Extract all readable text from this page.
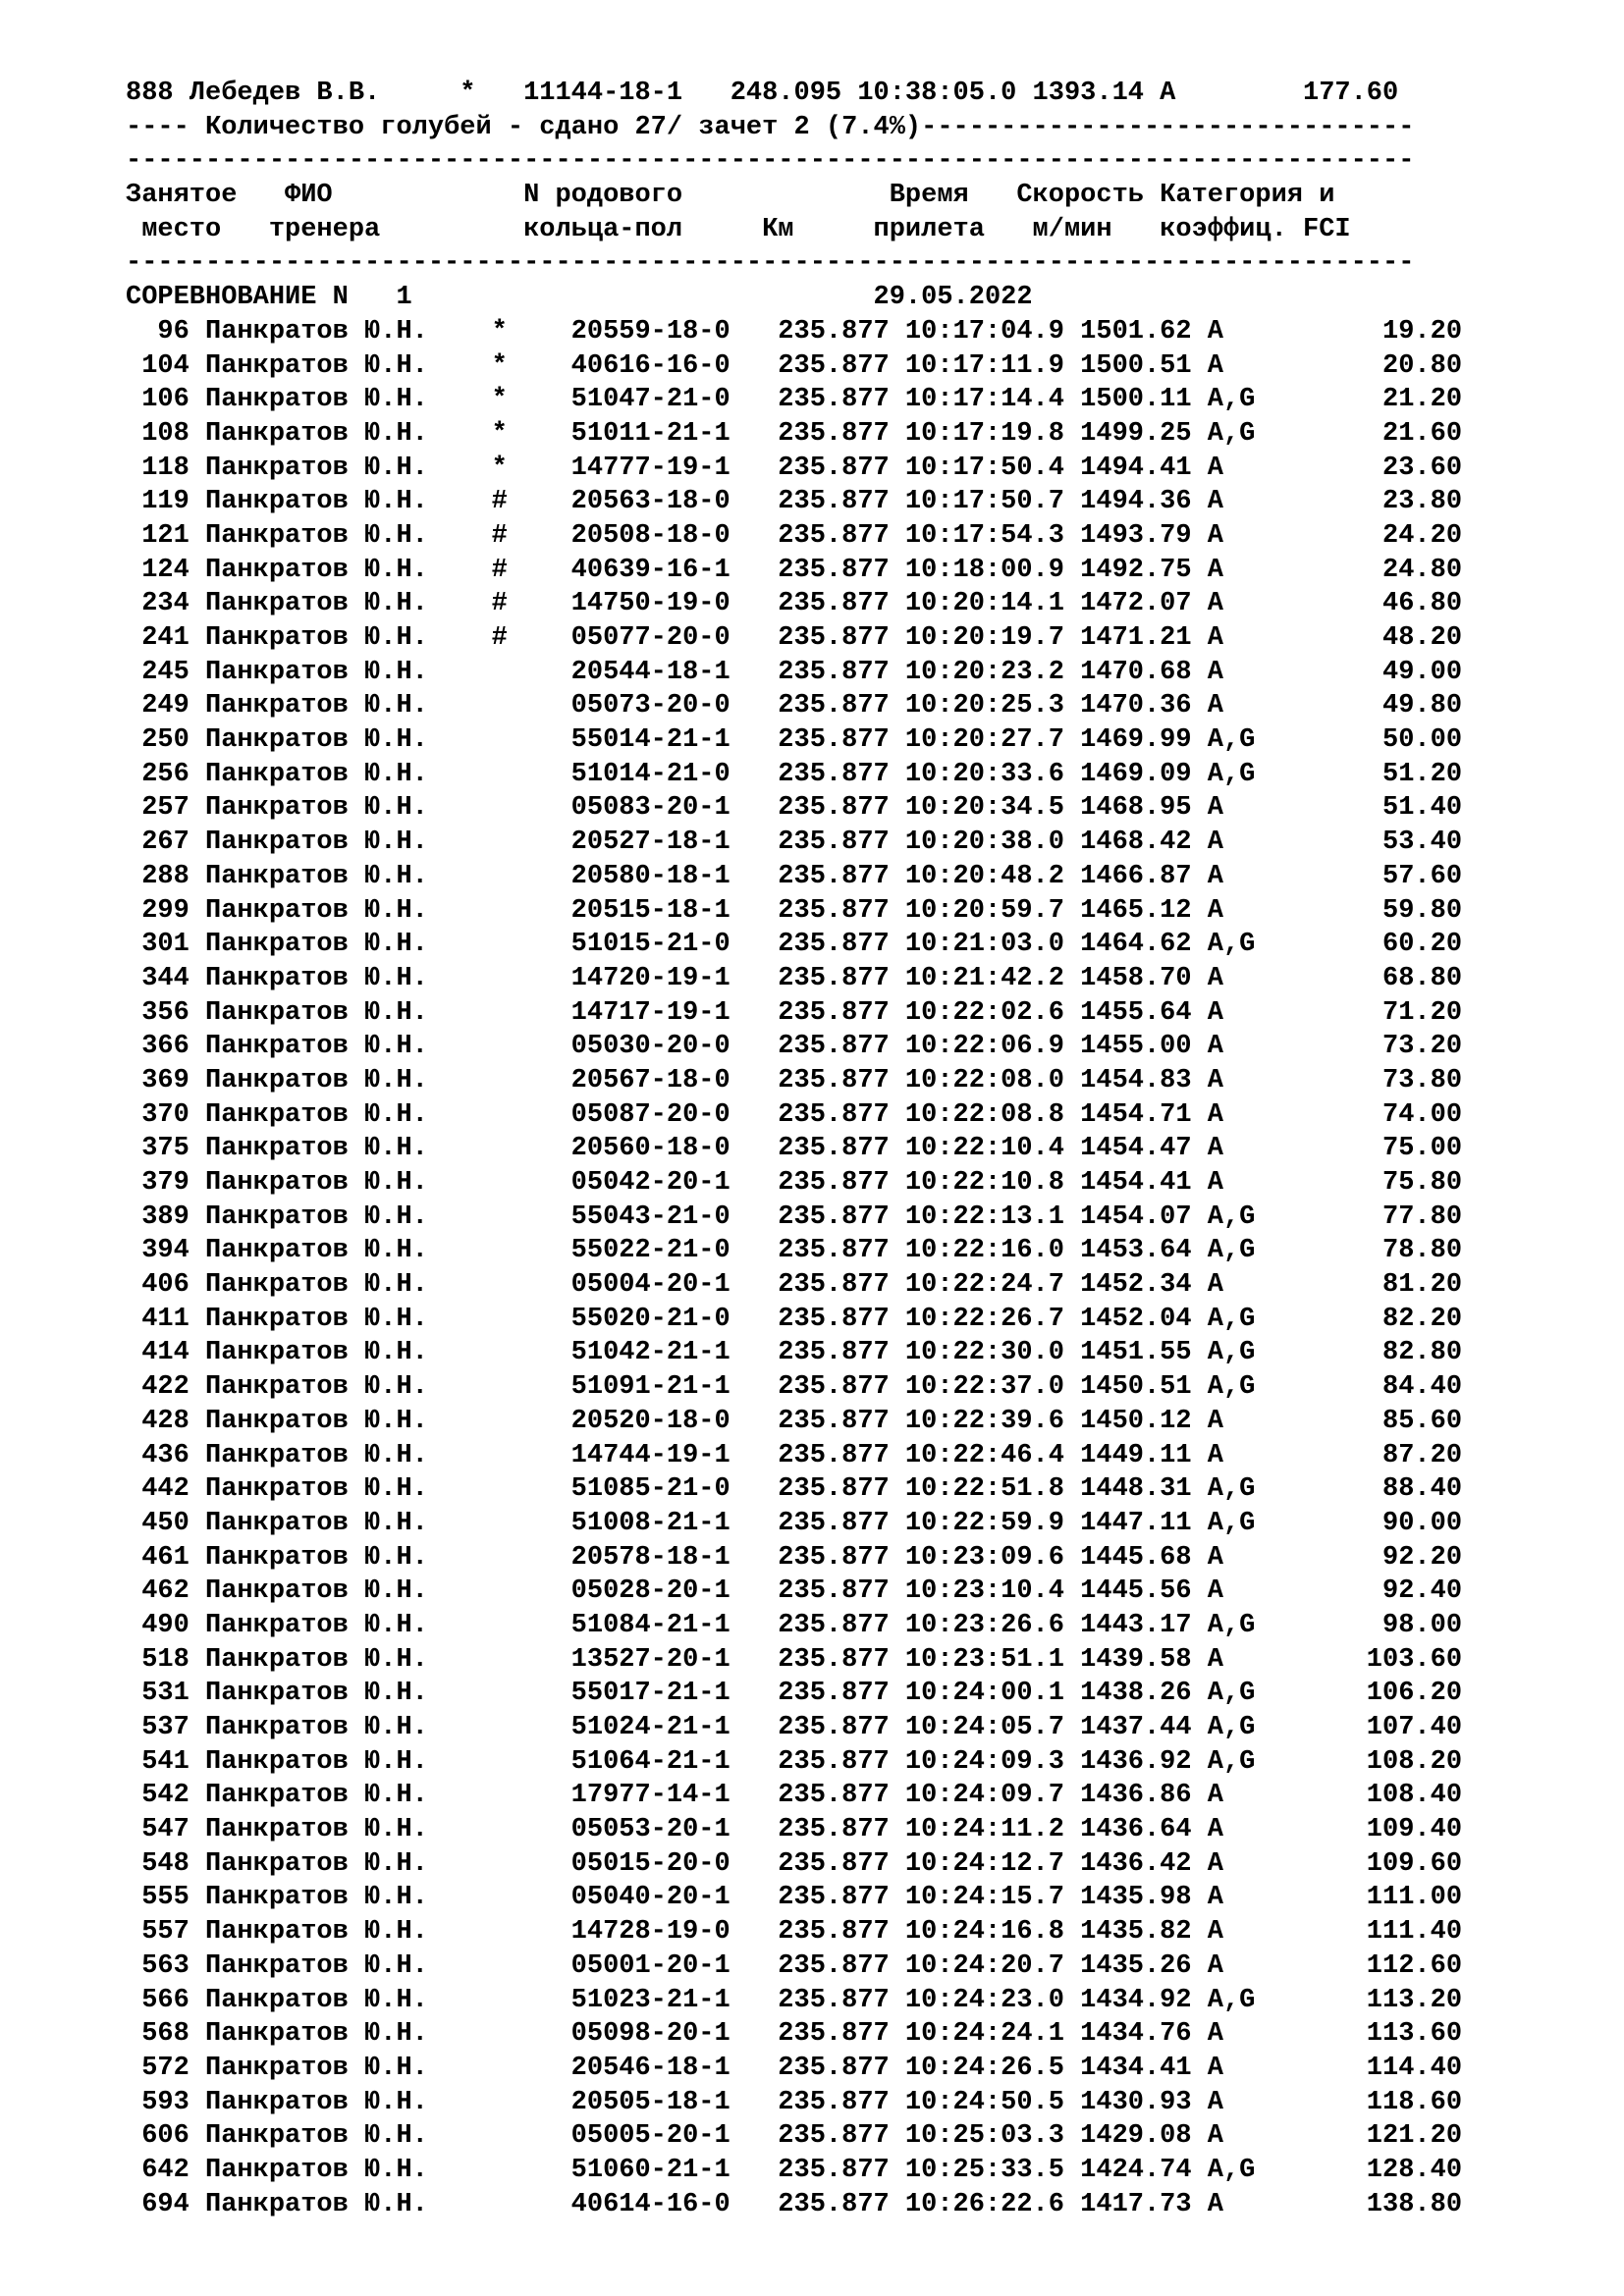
888 Лебедев В.В.     *   11144-18-1   248.095 10:38:05.0 1393.14 A        177.60
---- Количество голубей - сдано 27/ зачет 2 (7.4%)-------------------------------
---------------------------------------------------------------------------------
Занятое   ФИО            N родового             Время   Скорость Категория и
место   тренера         кольца-пол     Км     прилета   м/мин   коэффиц. FCI
---------------------------------------------------------------------------------
СОРЕВНОВАНИЕ N   1                             29.05.2022
96 Панкратов Ю.Н.    *    20559-18-0   235.877 10:17:04.9 1501.62 A          19.20
104 Панкратов Ю.Н.    *    40616-16-0   235.877 10:17:11.9 1500.51 A          20.80
106 Панкратов Ю.Н.    *    51047-21-0   235.877 10:17:14.4 1500.11 A,G        21.20
108 Панкратов Ю.Н.    *    51011-21-1   235.877 10:17:19.8 1499.25 A,G        21.60
118 Панкратов Ю.Н.    *    14777-19-1   235.877 10:17:50.4 1494.41 A          23.60
119 Панкратов Ю.Н.    #    20563-18-0   235.877 10:17:50.7 1494.36 A          23.80
121 Панкратов Ю.Н.    #    20508-18-0   235.877 10:17:54.3 1493.79 A          24.20
124 Панкратов Ю.Н.    #    40639-16-1   235.877 10:18:00.9 1492.75 A          24.80
234 Панкратов Ю.Н.    #    14750-19-0   235.877 10:20:14.1 1472.07 A          46.80
241 Панкратов Ю.Н.    #    05077-20-0   235.877 10:20:19.7 1471.21 A          48.20
245 Панкратов Ю.Н.         20544-18-1   235.877 10:20:23.2 1470.68 A          49.00
249 Панкратов Ю.Н.         05073-20-0   235.877 10:20:25.3 1470.36 A          49.80
250 Панкратов Ю.Н.         55014-21-1   235.877 10:20:27.7 1469.99 A,G        50.00
256 Панкратов Ю.Н.         51014-21-0   235.877 10:20:33.6 1469.09 A,G        51.20
257 Панкратов Ю.Н.         05083-20-1   235.877 10:20:34.5 1468.95 A          51.40
267 Панкратов Ю.Н.         20527-18-1   235.877 10:20:38.0 1468.42 A          53.40
288 Панкратов Ю.Н.         20580-18-1   235.877 10:20:48.2 1466.87 A          57.60
299 Панкратов Ю.Н.         20515-18-1   235.877 10:20:59.7 1465.12 A          59.80
301 Панкратов Ю.Н.         51015-21-0   235.877 10:21:03.0 1464.62 A,G        60.20
344 Панкратов Ю.Н.         14720-19-1   235.877 10:21:42.2 1458.70 A          68.80
356 Панкратов Ю.Н.         14717-19-1   235.877 10:22:02.6 1455.64 A          71.20
366 Панкратов Ю.Н.         05030-20-0   235.877 10:22:06.9 1455.00 A          73.20
369 Панкратов Ю.Н.         20567-18-0   235.877 10:22:08.0 1454.83 A          73.80
370 Панкратов Ю.Н.         05087-20-0   235.877 10:22:08.8 1454.71 A          74.00
375 Панкратов Ю.Н.         20560-18-0   235.877 10:22:10.4 1454.47 A          75.00
379 Панкратов Ю.Н.         05042-20-1   235.877 10:22:10.8 1454.41 A          75.80
389 Панкратов Ю.Н.         55043-21-0   235.877 10:22:13.1 1454.07 A,G        77.80
394 Панкратов Ю.Н.         55022-21-0   235.877 10:22:16.0 1453.64 A,G        78.80
406 Панкратов Ю.Н.         05004-20-1   235.877 10:22:24.7 1452.34 A          81.20
411 Панкратов Ю.Н.         55020-21-0   235.877 10:22:26.7 1452.04 A,G        82.20
414 Панкратов Ю.Н.         51042-21-1   235.877 10:22:30.0 1451.55 A,G        82.80
422 Панкратов Ю.Н.         51091-21-1   235.877 10:22:37.0 1450.51 A,G        84.40
428 Панкратов Ю.Н.         20520-18-0   235.877 10:22:39.6 1450.12 A          85.60
436 Панкратов Ю.Н.         14744-19-1   235.877 10:22:46.4 1449.11 A          87.20
442 Панкратов Ю.Н.         51085-21-0   235.877 10:22:51.8 1448.31 A,G        88.40
450 Панкратов Ю.Н.         51008-21-1   235.877 10:22:59.9 1447.11 A,G        90.00
461 Панкратов Ю.Н.         20578-18-1   235.877 10:23:09.6 1445.68 A          92.20
462 Панкратов Ю.Н.         05028-20-1   235.877 10:23:10.4 1445.56 A          92.40
490 Панкратов Ю.Н.         51084-21-1   235.877 10:23:26.6 1443.17 A,G        98.00
518 Панкратов Ю.Н.         13527-20-1   235.877 10:23:51.1 1439.58 A         103.60
531 Панкратов Ю.Н.         55017-21-1   235.877 10:24:00.1 1438.26 A,G       106.20
537 Панкратов Ю.Н.         51024-21-1   235.877 10:24:05.7 1437.44 A,G       107.40
541 Панкратов Ю.Н.         51064-21-1   235.877 10:24:09.3 1436.92 A,G       108.20
542 Панкратов Ю.Н.         17977-14-1   235.877 10:24:09.7 1436.86 A         108.40
547 Панкратов Ю.Н.         05053-20-1   235.877 10:24:11.2 1436.64 A         109.40
548 Панкратов Ю.Н.         05015-20-0   235.877 10:24:12.7 1436.42 A         109.60
555 Панкратов Ю.Н.         05040-20-1   235.877 10:24:15.7 1435.98 A         111.00
557 Панкратов Ю.Н.         14728-19-0   235.877 10:24:16.8 1435.82 A         111.40
563 Панкратов Ю.Н.         05001-20-1   235.877 10:24:20.7 1435.26 A         112.60
566 Панкратов Ю.Н.         51023-21-1   235.877 10:24:23.0 1434.92 A,G       113.20
568 Панкратов Ю.Н.         05098-20-1   235.877 10:24:24.1 1434.76 A         113.60
572 Панкратов Ю.Н.         20546-18-1   235.877 10:24:26.5 1434.41 A         114.40
593 Панкратов Ю.Н.         20505-18-1   235.877 10:24:50.5 1430.93 A         118.60
606 Панкратов Ю.Н.         05005-20-1   235.877 10:25:03.3 1429.08 A         121.20
642 Панкратов Ю.Н.         51060-21-1   235.877 10:25:33.5 1424.74 A,G       128.40
694 Панкратов Ю.Н.         40614-16-0   235.877 10:26:22.6 1417.73 A         138.80
